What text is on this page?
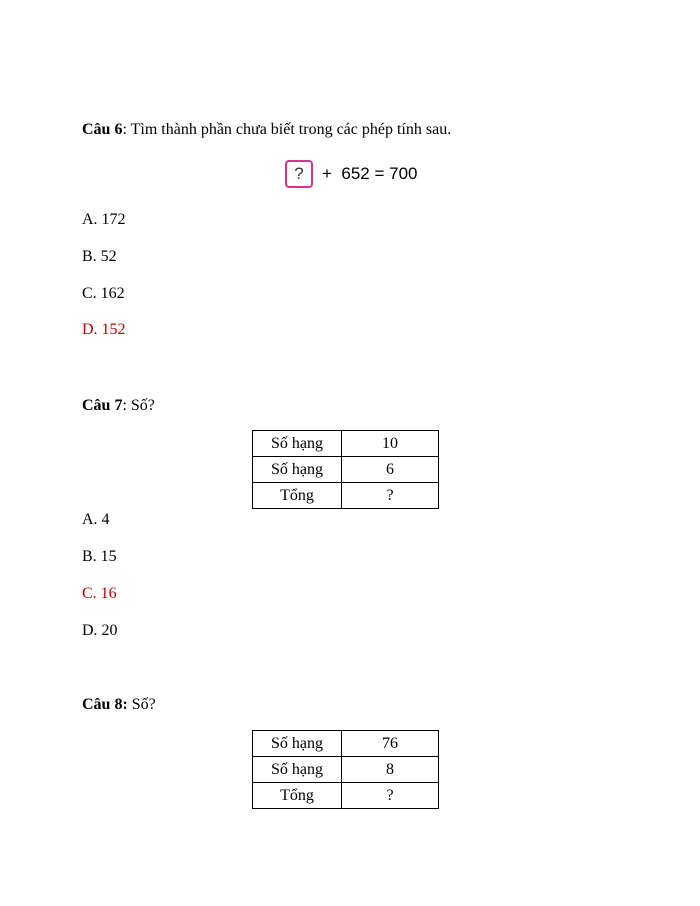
Câu 6: Tìm thành phần chưa biết trong các phép tính sau.

?	+  652 = 700

A. 172

B. 52

C. 162

D. 152

Câu 7: Số?

Số hạng	10
Số hạng	6
Tổng	?

A. 4

B. 15

C. 16

D. 20

Câu 8: Số?

Số hạng	76
Số hạng	8
Tổng	?
